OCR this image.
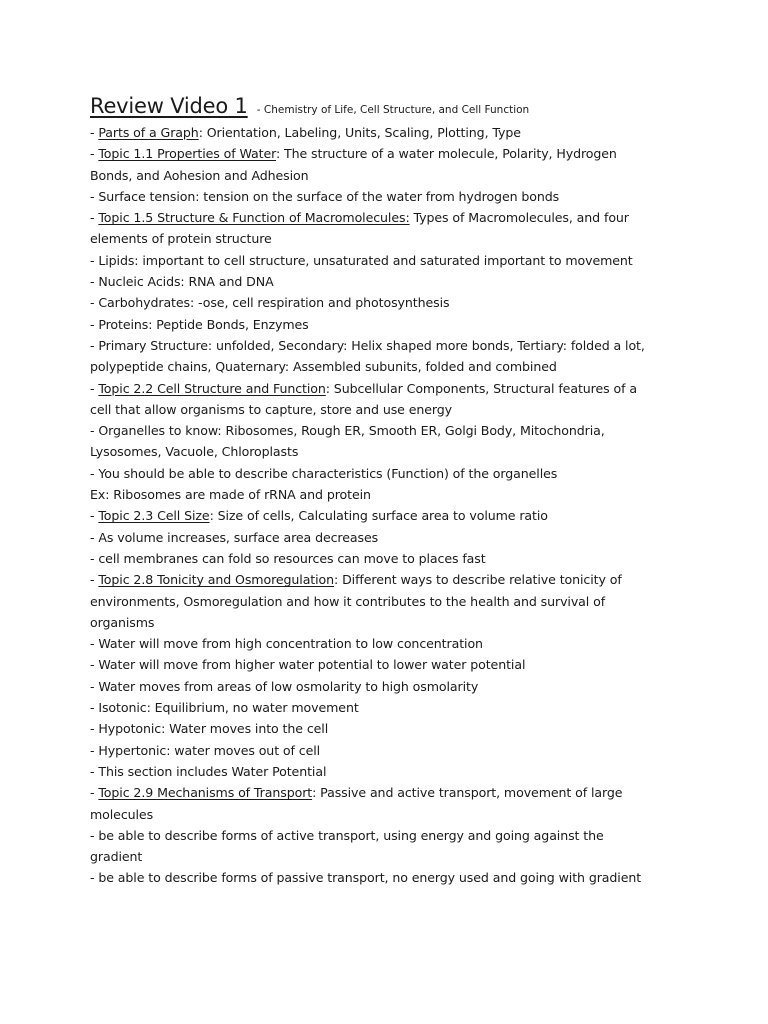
Review Video 1 - Chemistry of Life, Cell Structure, and Cell Function
- Parts of a Graph: Orientation, Labeling, Units, Scaling, Plotting, Type
- Topic 1.1 Properties of Water: The structure of a water molecule, Polarity, Hydrogen
Bonds, and Aohesion and Adhesion
- Surface tension: tension on the surface of the water from hydrogen bonds
- Topic 1.5 Structure & Function of Macromolecules: Types of Macromolecules, and four
elements of protein structure
- Lipids: important to cell structure, unsaturated and saturated important to movement
- Nucleic Acids: RNA and DNA
- Carbohydrates: -ose, cell respiration and photosynthesis
- Proteins: Peptide Bonds, Enzymes
- Primary Structure: unfolded, Secondary: Helix shaped more bonds, Tertiary: folded a lot,
polypeptide chains, Quaternary: Assembled subunits, folded and combined
- Topic 2.2 Cell Structure and Function: Subcellular Components, Structural features of a
cell that allow organisms to capture, store and use energy
- Organelles to know: Ribosomes, Rough ER, Smooth ER, Golgi Body, Mitochondria,
Lysosomes, Vacuole, Chloroplasts
- You should be able to describe characteristics (Function) of the organelles
Ex: Ribosomes are made of rRNA and protein
- Topic 2.3 Cell Size: Size of cells, Calculating surface area to volume ratio
- As volume increases, surface area decreases
- cell membranes can fold so resources can move to places fast
- Topic 2.8 Tonicity and Osmoregulation: Different ways to describe relative tonicity of
environments, Osmoregulation and how it contributes to the health and survival of
organisms
- Water will move from high concentration to low concentration
- Water will move from higher water potential to lower water potential
- Water moves from areas of low osmolarity to high osmolarity
- Isotonic: Equilibrium, no water movement
- Hypotonic: Water moves into the cell
- Hypertonic: water moves out of cell
- This section includes Water Potential
- Topic 2.9 Mechanisms of Transport: Passive and active transport, movement of large
molecules
- be able to describe forms of active transport, using energy and going against the
gradient
- be able to describe forms of passive transport, no energy used and going with gradient
